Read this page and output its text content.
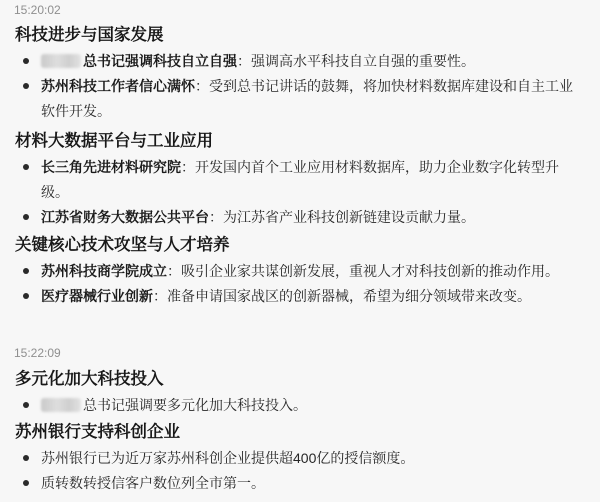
15:20:02
科技进步与国家发展
总书记强调科技自立自强：强调高水平科技自立自强的重要性。
苏州科技工作者信心满怀：受到总书记讲话的鼓舞，将加快材料数据库建设和自主工业软件开发。
材料大数据平台与工业应用
长三角先进材料研究院：开发国内首个工业应用材料数据库，助力企业数字化转型升级。
江苏省财务大数据公共平台：为江苏省产业科技创新链建设贡献力量。
关键核心技术攻坚与人才培养
苏州科技商学院成立：吸引企业家共谋创新发展，重视人才对科技创新的推动作用。
医疗器械行业创新：准备申请国家战区的创新器械，希望为细分领域带来改变。
15:22:09
多元化加大科技投入
总书记强调要多元化加大科技投入。
苏州银行支持科创企业
苏州银行已为近万家苏州科创企业提供超400亿的授信额度。
质转数转授信客户数位列全市第一。
